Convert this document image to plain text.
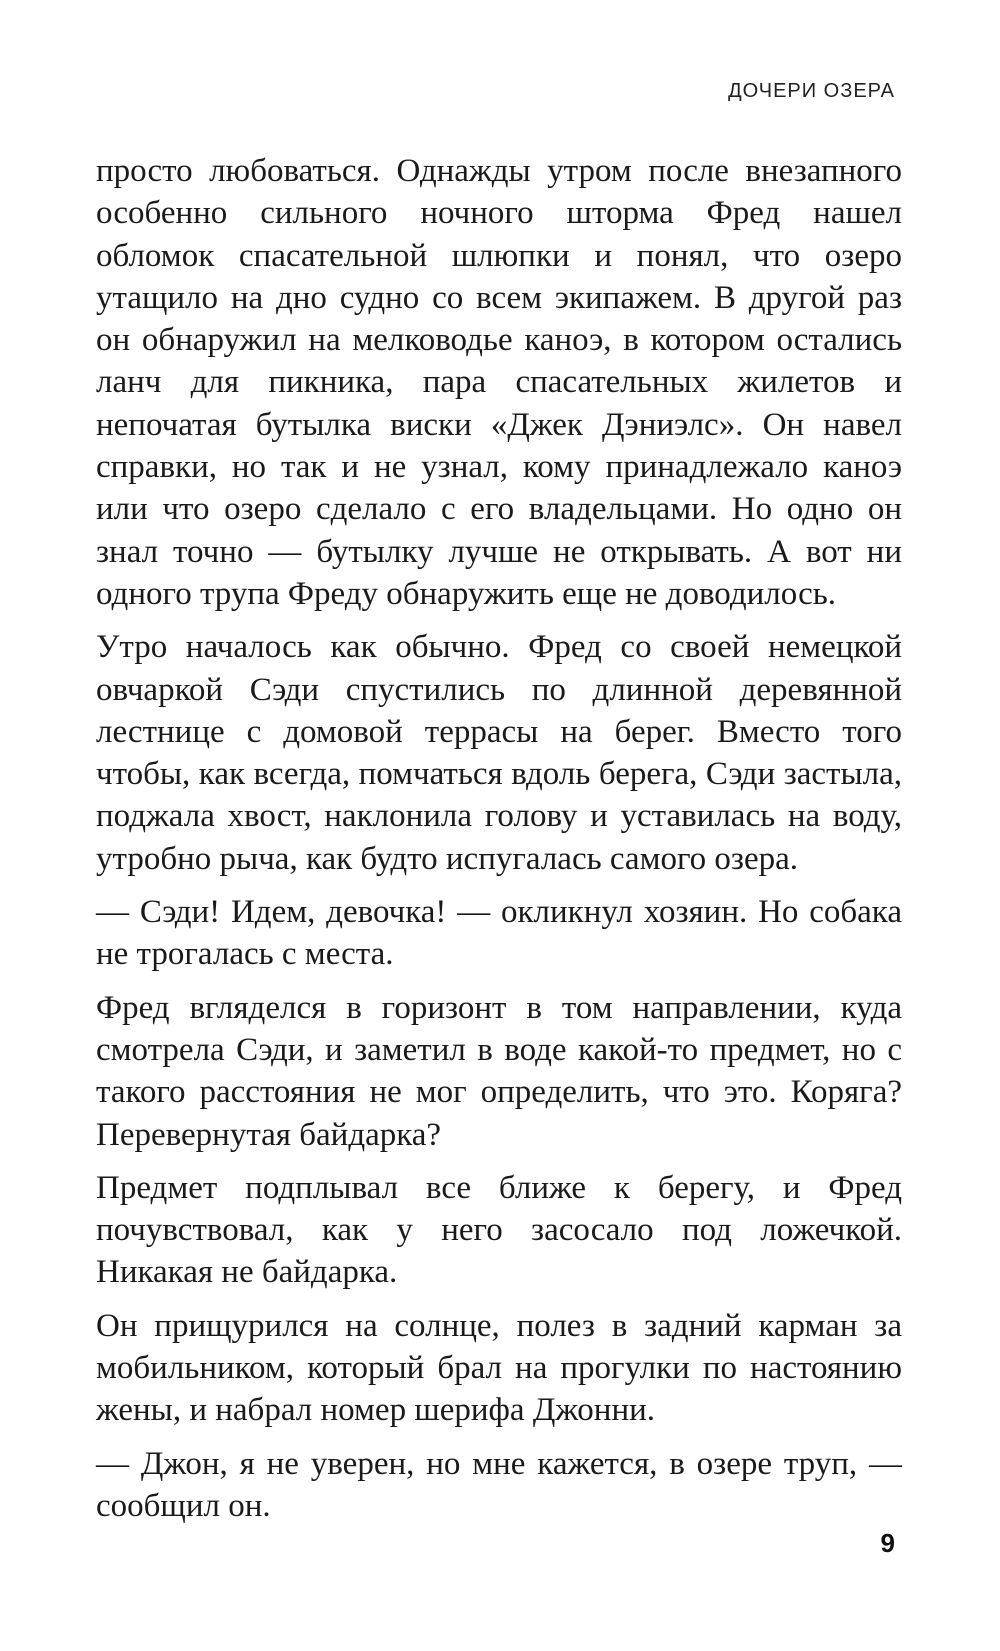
ДОЧЕРИ ОЗЕРА

просто любоваться. Однажды утром после внезапного особенно сильного ночного шторма Фред нашел обломок спасательной шлюпки и понял, что озеро утащило на дно судно со всем экипажем. В другой раз он обнаружил на мелководье каноэ, в котором остались ланч для пикника, пара спасательных жилетов и непочатая бутылка виски «Джек Дэниэлс». Он навел справки, но так и не узнал, кому принадлежало каноэ или что озеро сделало с его владельцами. Но одно он знал точно — бутылку лучше не открывать. А вот ни одного трупа Фреду обнаружить еще не доводилось.

Утро началось как обычно. Фред со своей немецкой овчаркой Сэди спустились по длинной деревянной лестнице с домовой террасы на берег. Вместо того чтобы, как всегда, помчаться вдоль берега, Сэди застыла, поджала хвост, наклонила голову и уставилась на воду, утробно рыча, как будто испугалась самого озера.

— Сэди! Идем, девочка! — окликнул хозяин. Но собака не трогалась с места.

Фред вгляделся в горизонт в том направлении, куда смотрела Сэди, и заметил в воде какой-то предмет, но с такого расстояния не мог определить, что это. Коряга? Перевернутая байдарка?

Предмет подплывал все ближе к берегу, и Фред почувствовал, как у него засосало под ложечкой. Никакая не байдарка.

Он прищурился на солнце, полез в задний карман за мобильником, который брал на прогулки по настоянию жены, и набрал номер шерифа Джонни.

— Джон, я не уверен, но мне кажется, в озере труп, — сообщил он.

9
